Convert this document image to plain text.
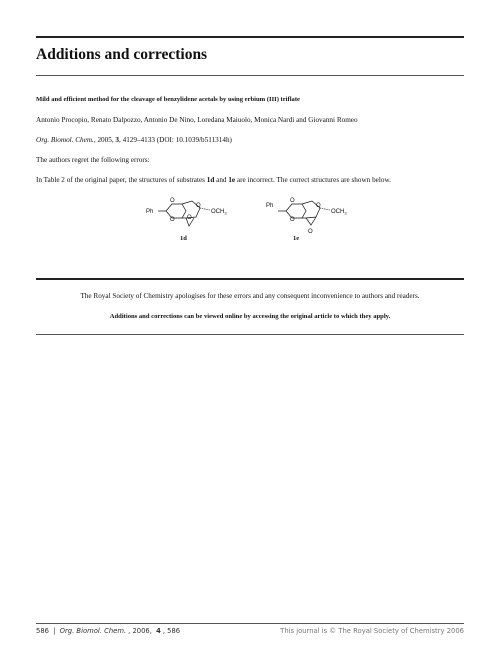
Additions and corrections
Mild and efficient method for the cleavage of benzylidene acetals by using erbium (III) triflate
Antonio Procopio, Renato Dalpozzo, Antonio De Nino, Loredana Maiuolo, Monica Nardi and Giovanni Romeo
Org. Biomol. Chem., 2005, 3, 4129–4133 (DOI: 10.1039/b511314h)
The authors regret the following errors:
In Table 2 of the original paper, the structures of substrates 1d and 1e are incorrect. The correct structures are shown below.
Ph
O
O
O
O
$OCH_3$
1d
Ph
O
O
O
$OCH_3$
O
1e
The Royal Society of Chemistry apologises for these errors and any consequent inconvenience to authors and readers.
Additions and corrections can be viewed online by accessing the original article to which they apply.
586 | Org. Biomol. Chem. , 2006, 4 , 586	This journal is © The Royal Society of Chemistry 2006
